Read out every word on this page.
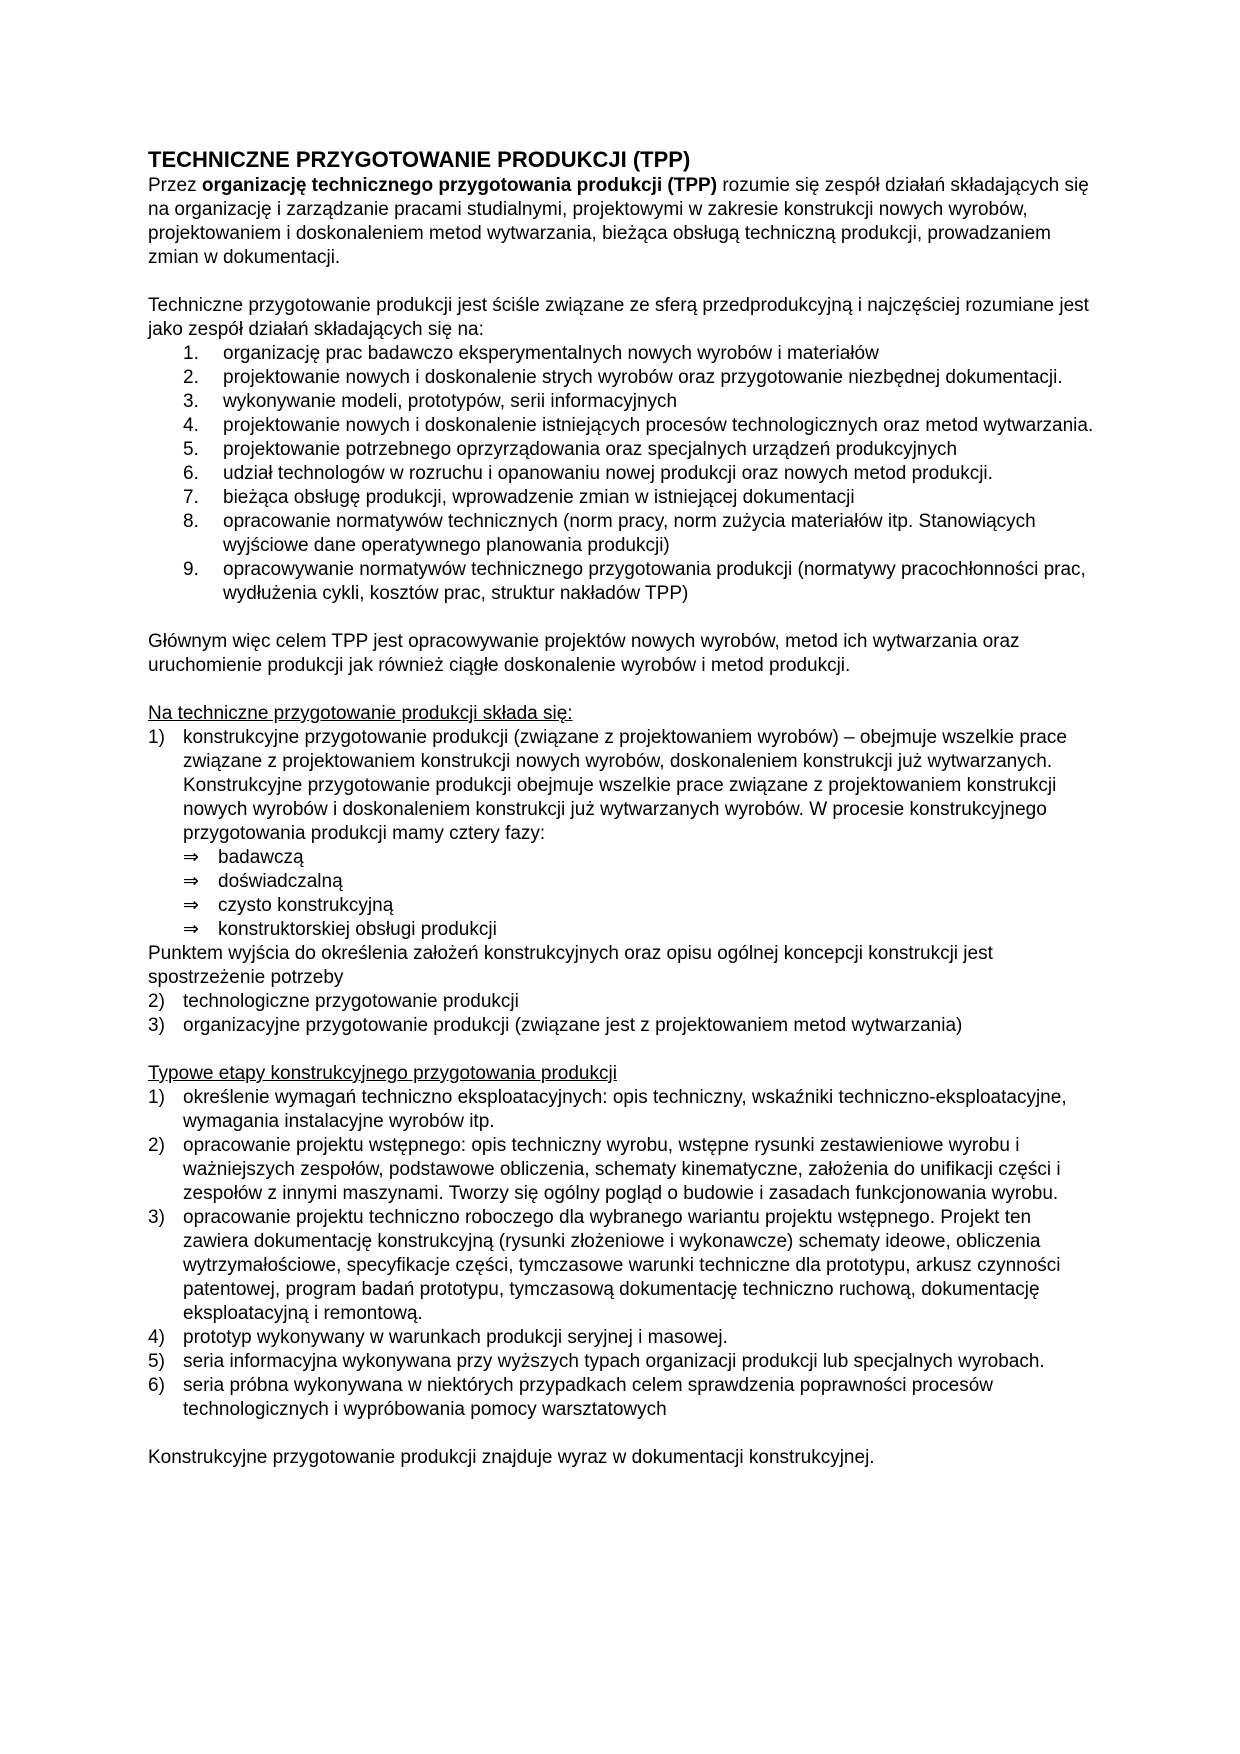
TECHNICZNE PRZYGOTOWANIE PRODUKCJI (TPP)

Przez organizację technicznego przygotowania produkcji (TPP) rozumie się zespół działań składających się na organizację i zarządzanie pracami studialnymi, projektowymi w zakresie konstrukcji nowych wyrobów, projektowaniem i doskonaleniem metod wytwarzania, bieżąca obsługą techniczną produkcji, prowadzaniem zmian w dokumentacji.

Techniczne przygotowanie produkcji jest ściśle związane ze sferą przedprodukcyjną i najczęściej rozumiane jest jako zespół działań składających się na:

1.	organizację prac badawczo eksperymentalnych nowych wyrobów i materiałów
2.	projektowanie nowych i doskonalenie strych wyrobów oraz przygotowanie niezbędnej dokumentacji.
3.	wykonywanie modeli, prototypów, serii informacyjnych
4.	projektowanie nowych i doskonalenie istniejących procesów technologicznych oraz metod wytwarzania.
5.	projektowanie potrzebnego oprzyrządowania oraz specjalnych urządzeń produkcyjnych
6.	udział technologów w rozruchu i opanowaniu nowej produkcji oraz nowych metod produkcji.
7.	bieżąca obsługę produkcji, wprowadzenie zmian w istniejącej dokumentacji
8.	opracowanie normatywów technicznych (norm pracy, norm zużycia materiałów itp. Stanowiących wyjściowe dane operatywnego planowania produkcji)
9.	opracowywanie normatywów technicznego przygotowania produkcji (normatywy pracochłonności prac, wydłużenia cykli, kosztów prac, struktur nakładów TPP)

Głównym więc celem TPP jest opracowywanie projektów nowych wyrobów, metod ich wytwarzania oraz uruchomienie produkcji jak również ciągłe doskonalenie wyrobów i metod produkcji.

Na techniczne przygotowanie produkcji składa się:

1) konstrukcyjne przygotowanie produkcji (związane z projektowaniem wyrobów) – obejmuje wszelkie prace związane z projektowaniem konstrukcji nowych wyrobów, doskonaleniem konstrukcji już wytwarzanych.
Konstrukcyjne przygotowanie produkcji obejmuje wszelkie prace związane z projektowaniem konstrukcji nowych wyrobów i doskonaleniem konstrukcji już wytwarzanych wyrobów. W procesie konstrukcyjnego przygotowania produkcji mamy cztery fazy:
⇒	badawczą
⇒	doświadczalną
⇒	czysto konstrukcyjną
⇒	konstruktorskiej obsługi produkcji

Punktem wyjścia do określenia założeń konstrukcyjnych oraz opisu ogólnej koncepcji konstrukcji jest spostrzeżenie potrzeby

2) technologiczne przygotowanie produkcji
3) organizacyjne przygotowanie produkcji (związane jest z projektowaniem metod wytwarzania)

Typowe etapy konstrukcyjnego przygotowania produkcji

1) określenie wymagań techniczno eksploatacyjnych: opis techniczny, wskaźniki techniczno-eksploatacyjne, wymagania instalacyjne wyrobów itp.
2) opracowanie projektu wstępnego: opis techniczny wyrobu, wstępne rysunki zestawieniowe wyrobu i ważniejszych zespołów, podstawowe obliczenia, schematy kinematyczne, założenia do unifikacji części i zespołów z innymi maszynami. Tworzy się ogólny pogląd o budowie i zasadach funkcjonowania wyrobu.
3) opracowanie projektu techniczno roboczego dla wybranego wariantu projektu wstępnego. Projekt ten zawiera dokumentację konstrukcyjną (rysunki złożeniowe i wykonawcze) schematy ideowe, obliczenia wytrzymałościowe, specyfikacje części, tymczasowe warunki techniczne dla prototypu, arkusz czynności patentowej, program badań prototypu, tymczasową dokumentację techniczno ruchową, dokumentację eksploatacyjną i remontową.
4) prototyp wykonywany w warunkach produkcji seryjnej i masowej.
5) seria informacyjna wykonywana przy wyższych typach organizacji produkcji lub specjalnych wyrobach.
6) seria próbna wykonywana w niektórych przypadkach celem sprawdzenia poprawności procesów technologicznych i wypróbowania pomocy warsztatowych

Konstrukcyjne przygotowanie produkcji znajduje wyraz w dokumentacji konstrukcyjnej.
